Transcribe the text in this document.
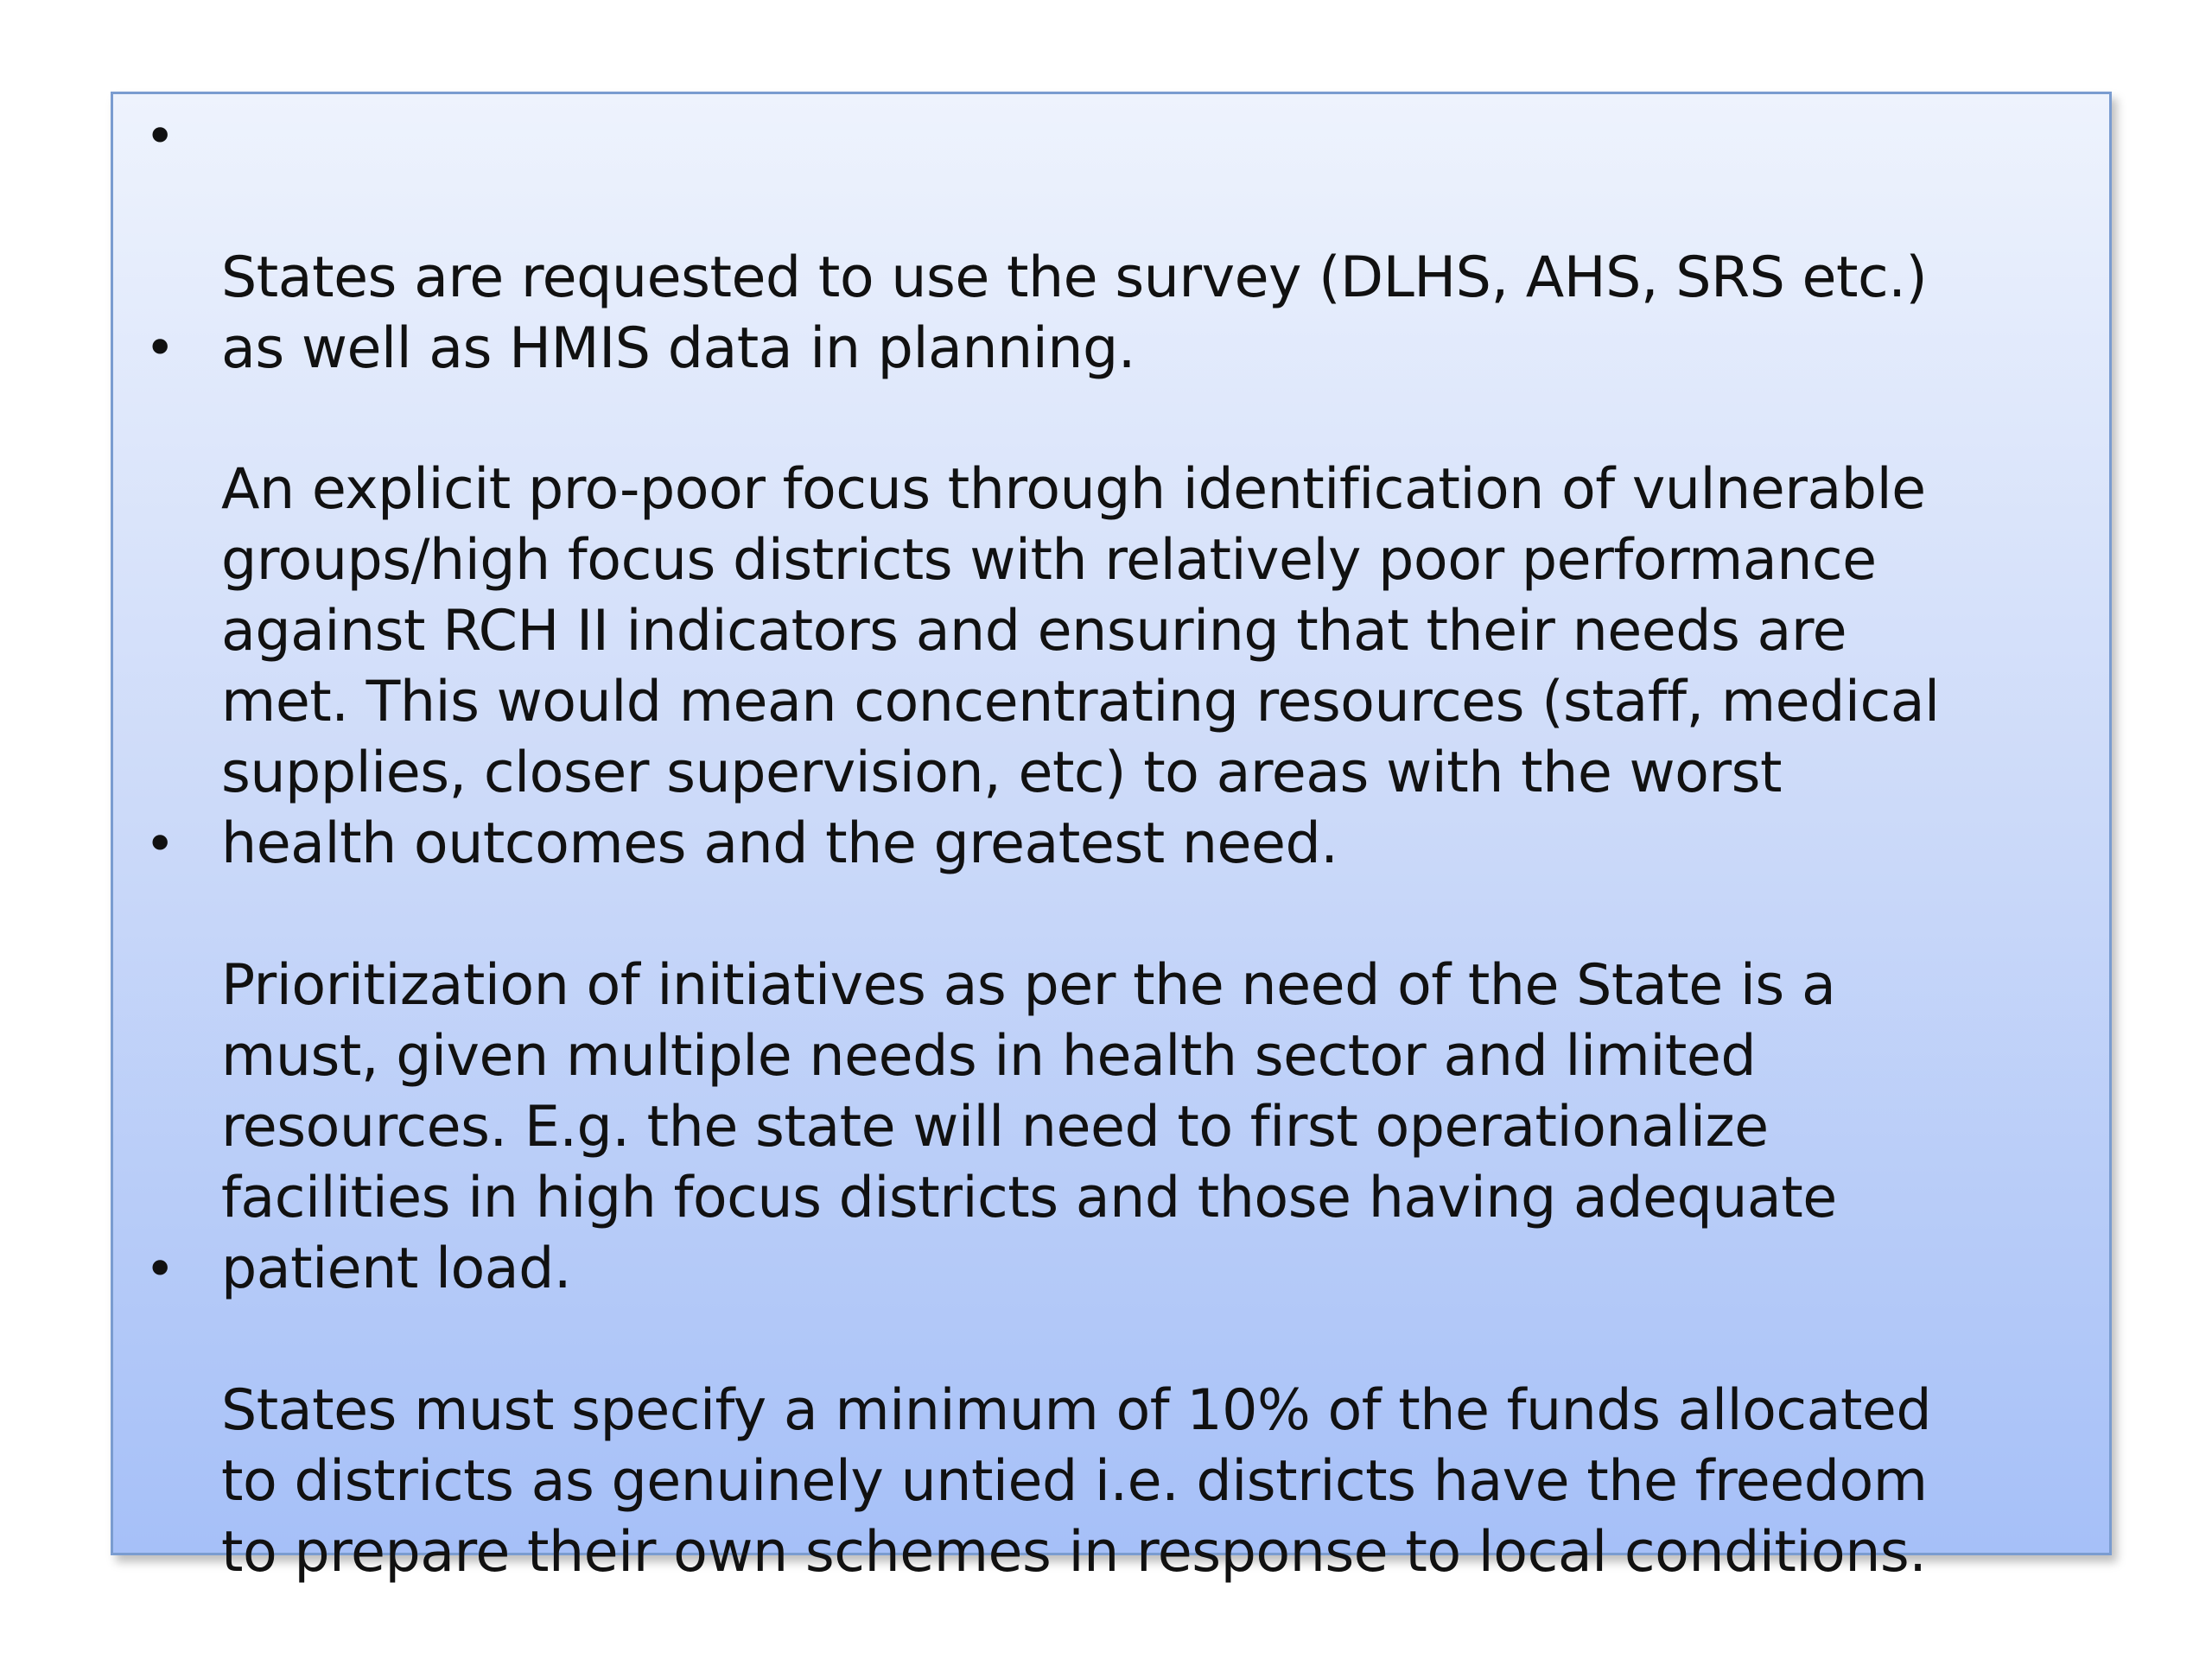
•

States are requested to use the survey (DLHS, AHS, SRS etc.)
as well as HMIS data in planning.

•

An explicit pro-poor focus through identification of vulnerable
groups/high focus districts with relatively poor performance
against RCH II indicators and ensuring that their needs are
met. This would mean concentrating resources (staff, medical
supplies, closer supervision, etc) to areas with the worst
health outcomes and the greatest need.

•

Prioritization of initiatives as per the need of the State is a
must, given multiple needs in health sector and limited
resources. E.g. the state will need to first operationalize
facilities in high focus districts and those having adequate
patient load.

•

States must specify a minimum of 10% of the funds allocated
to districts as genuinely untied i.e. districts have the freedom
to prepare their own schemes in response to local conditions.
